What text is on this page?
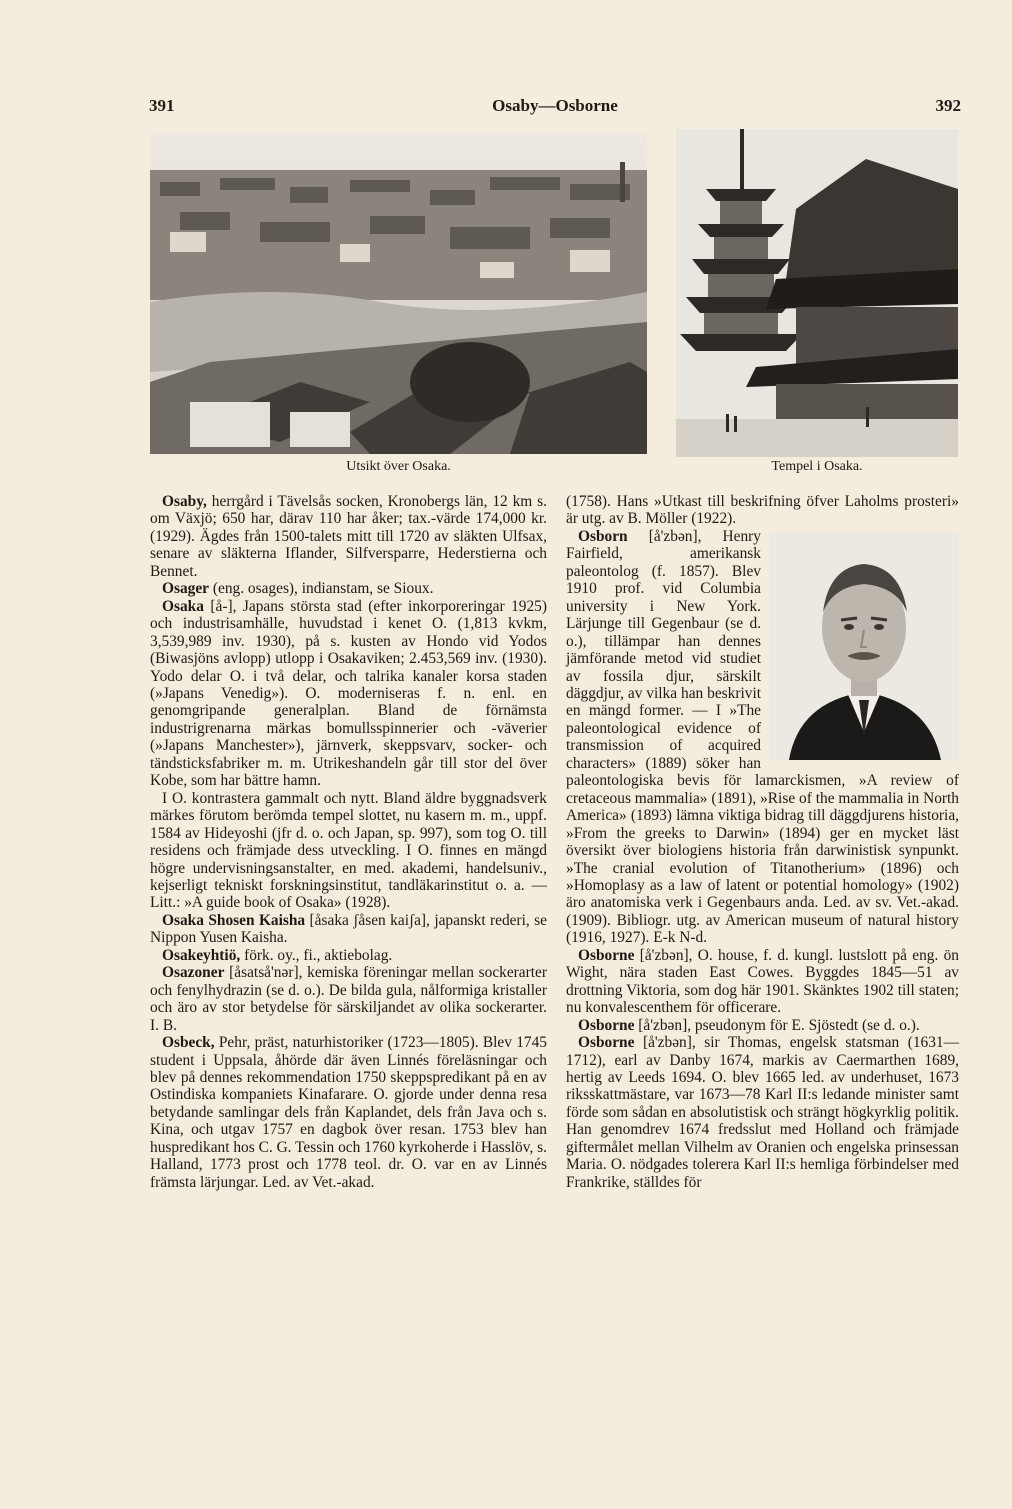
391	Osaby—Osborne	392
Utsikt över Osaka.	Tempel i Osaka.

Osaby, herrgård i Tävelsås socken, Kronobergs län, 12 km s. om Växjö; 650 har, därav 110 har åker; tax.-värde 174,000 kr. (1929). Ägdes från 1500-talets mitt till 1720 av släkten Ulfsax, senare av släkterna Iflander, Silfversparre, Hederstierna och Bennet.

Osager (eng. osages), indianstam, se Sioux.

Osaka [å-], Japans största stad (efter inkorporeringar 1925) och industrisamhälle, huvudstad i kenet O. (1,813 kvkm, 3,539,989 inv. 1930), på s. kusten av Hondo vid Yodos (Biwasjöns avlopp) utlopp i Osakaviken; 2.453,569 inv. (1930). Yodo delar O. i två delar, och talrika kanaler korsa staden (»Japans Venedig»). O. moderniseras f. n. enl. en genomgripande generalplan. Bland de förnämsta industrigrenarna märkas bomullsspinnerier och -väverier (»Japans Manchester»), järnverk, skeppsvarv, socker- och tändsticksfabriker m. m. Utrikeshandeln går till stor del över Kobe, som har bättre hamn.

I O. kontrastera gammalt och nytt. Bland äldre byggnadsverk märkes förutom berömda tempel slottet, nu kasern m. m., uppf. 1584 av Hideyoshi (jfr d. o. och Japan, sp. 997), som tog O. till residens och främjade dess utveckling. I O. finnes en mängd högre undervisningsanstalter, en med. akademi, handelsuniv., kejserligt tekniskt forskningsinstitut, tandläkarinstitut o. a. — Litt.: »A guide book of Osaka» (1928).

Osaka Shosen Kaisha [åsaka ʃåsen kaiʃa], japanskt rederi, se Nippon Yusen Kaisha.

Osakeyhtiö, förk. oy., fi., aktiebolag.

Osazoner [åsatså'nər], kemiska föreningar mellan sockerarter och fenylhydrazin (se d. o.). De bilda gula, nålformiga kristaller och äro av stor betydelse för särskiljandet av olika sockerarter. I. B.

Osbeck, Pehr, präst, naturhistoriker (1723—1805). Blev 1745 student i Uppsala, åhörde där även Linnés föreläsningar och blev på dennes rekommendation 1750 skeppspredikant på en av Ostindiska kompaniets Kinafarare. O. gjorde under denna resa betydande samlingar dels från Kaplandet, dels från Java och s. Kina, och utgav 1757 en dagbok över resan. 1753 blev han huspredikant hos C. G. Tessin och 1760 kyrkoherde i Hasslöv, s. Halland, 1773 prost och 1778 teol. dr. O. var en av Linnés främsta lärjungar. Led. av Vet.-akad.

(1758). Hans »Utkast till beskrifning öfver Laholms prosteri» är utg. av B. Möller (1922).

Osborn [å'zbən], Henry Fairfield, amerikansk paleontolog (f. 1857). Blev 1910 prof. vid Columbia university i New York. Lärjunge till Gegenbaur (se d. o.), tillämpar han dennes jämförande metod vid studiet av fossila djur, särskilt däggdjur, av vilka han beskrivit en mängd former. — I »The paleontological evidence of transmission of acquired characters» (1889) söker han paleontologiska bevis för lamarckismen, »A review of cretaceous mammalia» (1891), »Rise of the mammalia in North America» (1893) lämna viktiga bidrag till däggdjurens historia, »From the greeks to Darwin» (1894) ger en mycket läst översikt över biologiens historia från darwinistisk synpunkt. »The cranial evolution of Titanotherium» (1896) och »Homoplasy as a law of latent or potential homology» (1902) äro anatomiska verk i Gegenbaurs anda. Led. av sv. Vet.-akad. (1909). Bibliogr. utg. av American museum of natural history (1916, 1927). E-k N-d.

Osborne [å'zbən], O. house, f. d. kungl. lustslott på eng. ön Wight, nära staden East Cowes. Byggdes 1845—51 av drottning Viktoria, som dog här 1901. Skänktes 1902 till staten; nu konvalescenthem för officerare.

Osborne [å'zbən], pseudonym för E. Sjöstedt (se d. o.).

Osborne [å'zbən], sir Thomas, engelsk statsman (1631—1712), earl av Danby 1674, markis av Caermarthen 1689, hertig av Leeds 1694. O. blev 1665 led. av underhuset, 1673 riksskattmästare, var 1673—78 Karl II:s ledande minister samt förde som sådan en absolutistisk och strängt högkyrklig politik. Han genomdrev 1674 fredsslut med Holland och främjade giftermålet mellan Vilhelm av Oranien och engelska prinsessan Maria. O. nödgades tolerera Karl II:s hemliga förbindelser med Frankrike, ställdes för
